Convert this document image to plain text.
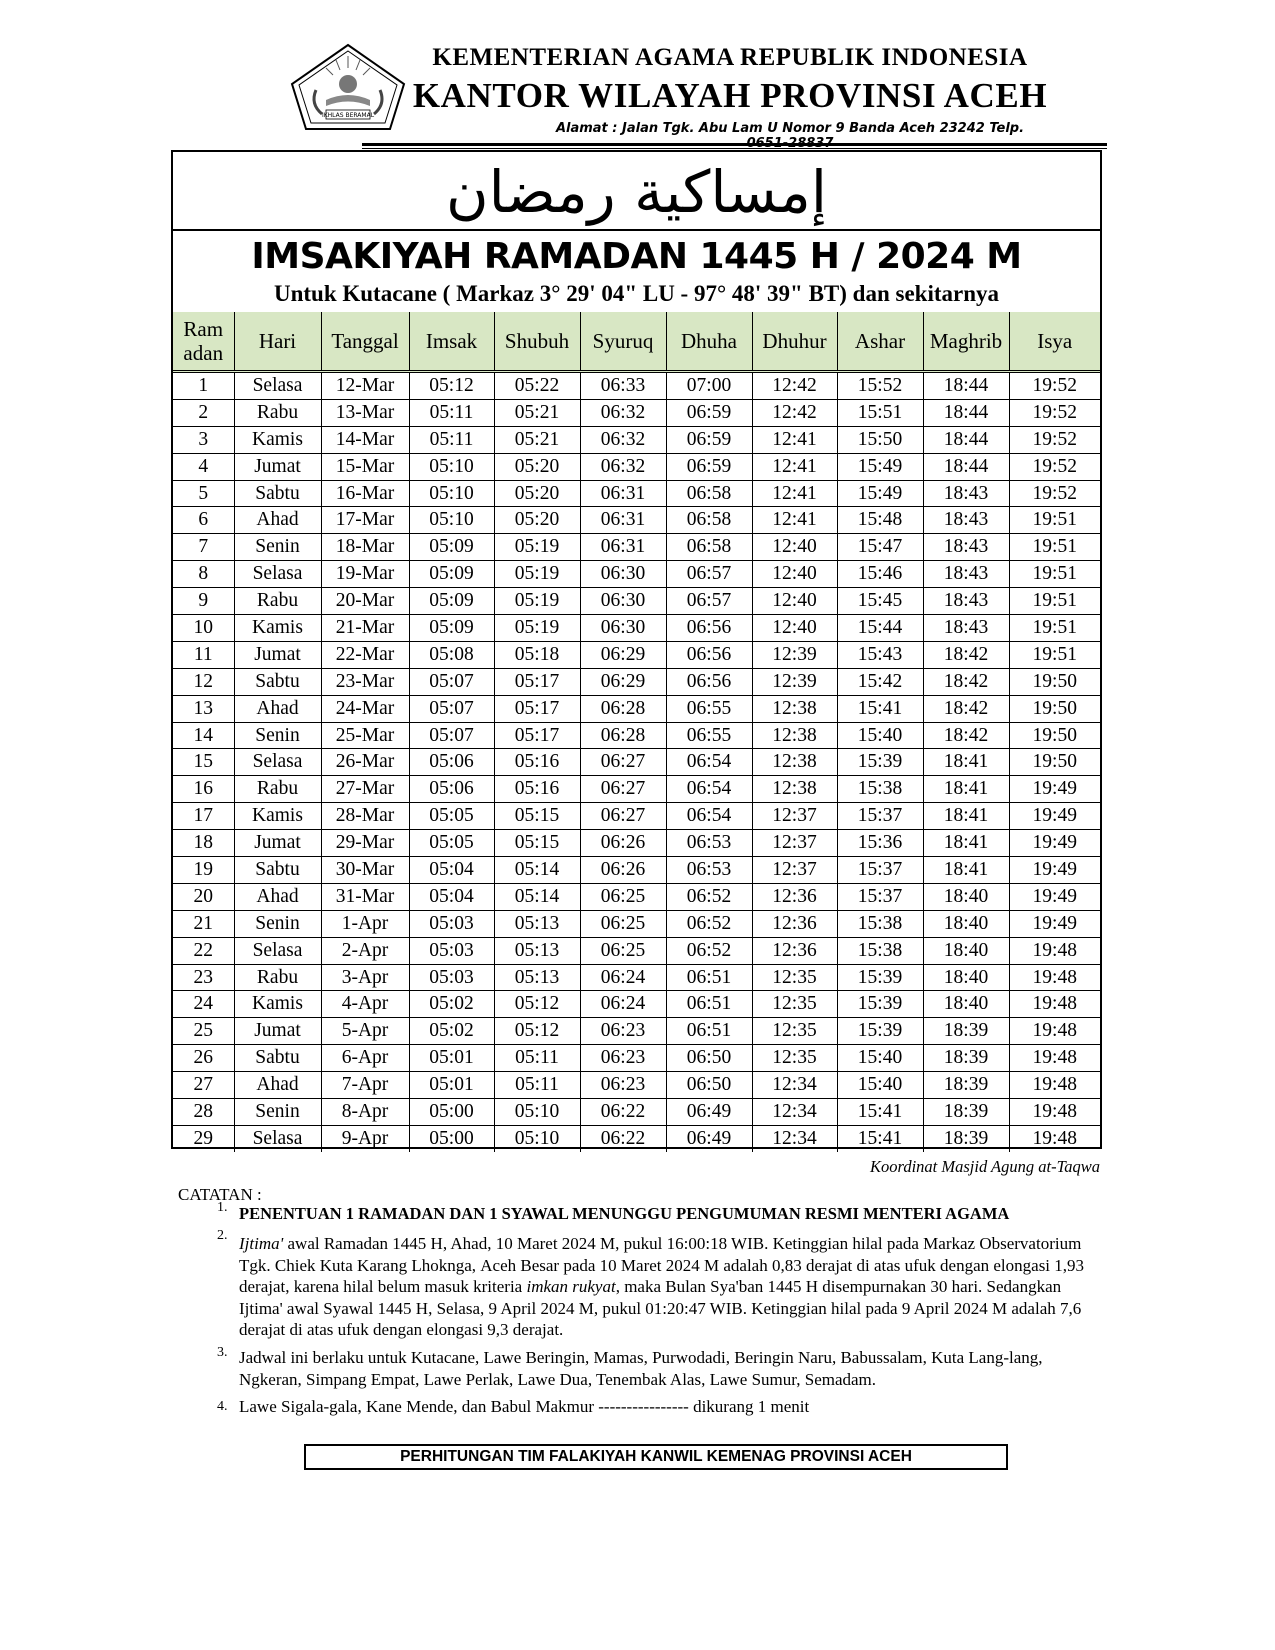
IKHLAS BERAMAL
KEMENTERIAN AGAMA REPUBLIK INDONESIA
KANTOR WILAYAH PROVINSI ACEH
Alamat : Jalan Tgk. Abu Lam U Nomor 9 Banda Aceh 23242 Telp.
إمساكية رمضان
IMSAKIYAH RAMADAN 1445 H / 2024 M
Untuk Kutacane ( Markaz 3° 29' 04" LU - 97° 48' 39" BT) dan sekitarnya
Ram adan	Hari	Tanggal	Imsak	Shubuh	Syuruq	Dhuha	Dhuhur	Ashar	Maghrib	Isya
1	Selasa	12-Mar	05:12	05:22	06:33	07:00	12:42	15:52	18:44	19:52
2	Rabu	13-Mar	05:11	05:21	06:32	06:59	12:42	15:51	18:44	19:52
3	Kamis	14-Mar	05:11	05:21	06:32	06:59	12:41	15:50	18:44	19:52
4	Jumat	15-Mar	05:10	05:20	06:32	06:59	12:41	15:49	18:44	19:52
5	Sabtu	16-Mar	05:10	05:20	06:31	06:58	12:41	15:49	18:43	19:52
6	Ahad	17-Mar	05:10	05:20	06:31	06:58	12:41	15:48	18:43	19:51
7	Senin	18-Mar	05:09	05:19	06:31	06:58	12:40	15:47	18:43	19:51
8	Selasa	19-Mar	05:09	05:19	06:30	06:57	12:40	15:46	18:43	19:51
9	Rabu	20-Mar	05:09	05:19	06:30	06:57	12:40	15:45	18:43	19:51
10	Kamis	21-Mar	05:09	05:19	06:30	06:56	12:40	15:44	18:43	19:51
11	Jumat	22-Mar	05:08	05:18	06:29	06:56	12:39	15:43	18:42	19:51
12	Sabtu	23-Mar	05:07	05:17	06:29	06:56	12:39	15:42	18:42	19:50
13	Ahad	24-Mar	05:07	05:17	06:28	06:55	12:38	15:41	18:42	19:50
14	Senin	25-Mar	05:07	05:17	06:28	06:55	12:38	15:40	18:42	19:50
15	Selasa	26-Mar	05:06	05:16	06:27	06:54	12:38	15:39	18:41	19:50
16	Rabu	27-Mar	05:06	05:16	06:27	06:54	12:38	15:38	18:41	19:49
17	Kamis	28-Mar	05:05	05:15	06:27	06:54	12:37	15:37	18:41	19:49
18	Jumat	29-Mar	05:05	05:15	06:26	06:53	12:37	15:36	18:41	19:49
19	Sabtu	30-Mar	05:04	05:14	06:26	06:53	12:37	15:37	18:41	19:49
20	Ahad	31-Mar	05:04	05:14	06:25	06:52	12:36	15:37	18:40	19:49
21	Senin	1-Apr	05:03	05:13	06:25	06:52	12:36	15:38	18:40	19:49
22	Selasa	2-Apr	05:03	05:13	06:25	06:52	12:36	15:38	18:40	19:48
23	Rabu	3-Apr	05:03	05:13	06:24	06:51	12:35	15:39	18:40	19:48
24	Kamis	4-Apr	05:02	05:12	06:24	06:51	12:35	15:39	18:40	19:48
25	Jumat	5-Apr	05:02	05:12	06:23	06:51	12:35	15:39	18:39	19:48
26	Sabtu	6-Apr	05:01	05:11	06:23	06:50	12:35	15:40	18:39	19:48
27	Ahad	7-Apr	05:01	05:11	06:23	06:50	12:34	15:40	18:39	19:48
28	Senin	8-Apr	05:00	05:10	06:22	06:49	12:34	15:41	18:39	19:48
29	Selasa	9-Apr	05:00	05:10	06:22	06:49	12:34	15:41	18:39	19:48
Koordinat Masjid Agung at-Taqwa
CATATAN :
1. PENENTUAN 1 RAMADAN DAN 1 SYAWAL MENUNGGU PENGUMUMAN RESMI MENTERI AGAMA
2. Ijtima' awal Ramadan 1445 H, Ahad, 10 Maret 2024 M, pukul 16:00:18 WIB. Ketinggian hilal pada Markaz Observatorium Tgk. Chiek Kuta Karang Lhokngа, Aceh Besar pada 10 Maret 2024 M adalah 0,83 derajat di atas ufuk dengan elongasi 1,93 derajat, karena hilal belum masuk kriteria imkan rukyat, maka Bulan Sya'ban 1445 H disempurnakan 30 hari. Sedangkan Ijtima' awal Syawal 1445 H, Selasa, 9 April 2024 M, pukul 01:20:47 WIB. Ketinggian hilal pada 9 April 2024 M adalah 7,6 derajat di atas ufuk dengan elongasi 9,3 derajat.
3. Jadwal ini berlaku untuk Kutacane, Lawe Beringin, Mamas, Purwodadi, Beringin Naru, Babussalam, Kuta Lang-lang, Ngkeran, Simpang Empat, Lawe Perlak, Lawe Dua, Tenembak Alas, Lawe Sumur, Semadam.
4. Lawe Sigala-gala, Kane Mende, dan Babul Makmur ---------------- dikurang 1 menit
PERHITUNGAN TIM FALAKIYAH KANWIL KEMENAG PROVINSI ACEH
